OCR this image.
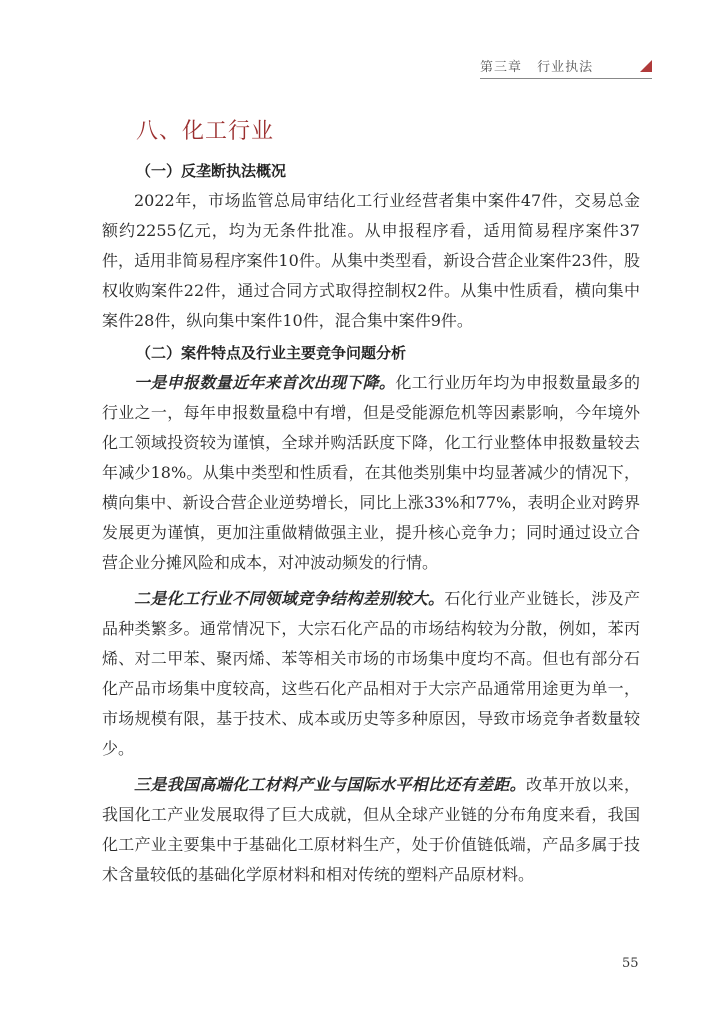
第三章 行业执法
八、化工行业
（一）反垄断执法概况

2022年，市场监管总局审结化工行业经营者集中案件47件，交易总金额约2255亿元，均为无条件批准。从申报程序看，适用简易程序案件37件，适用非简易程序案件10件。从集中类型看，新设合营企业案件23件，股权收购案件22件，通过合同方式取得控制权2件。从集中性质看，横向集中案件28件，纵向集中案件10件，混合集中案件9件。

（二）案件特点及行业主要竞争问题分析

一是申报数量近年来首次出现下降。化工行业历年均为申报数量最多的行业之一，每年申报数量稳中有增，但是受能源危机等因素影响，今年境外化工领域投资较为谨慎，全球并购活跃度下降，化工行业整体申报数量较去年减少18%。从集中类型和性质看，在其他类别集中均显著减少的情况下，横向集中、新设合营企业逆势增长，同比上涨33%和77%，表明企业对跨界发展更为谨慎，更加注重做精做强主业，提升核心竞争力；同时通过设立合营企业分摊风险和成本，对冲波动频发的行情。

二是化工行业不同领域竞争结构差别较大。石化行业产业链长，涉及产品种类繁多。通常情况下，大宗石化产品的市场结构较为分散，例如，苯丙烯、对二甲苯、聚丙烯、苯等相关市场的市场集中度均不高。但也有部分石化产品市场集中度较高，这些石化产品相对于大宗产品通常用途更为单一，市场规模有限，基于技术、成本或历史等多种原因，导致市场竞争者数量较少。

三是我国高端化工材料产业与国际水平相比还有差距。改革开放以来，我国化工产业发展取得了巨大成就，但从全球产业链的分布角度来看，我国化工产业主要集中于基础化工原材料生产，处于价值链低端，产品多属于技术含量较低的基础化学原材料和相对传统的塑料产品原材料。

55
